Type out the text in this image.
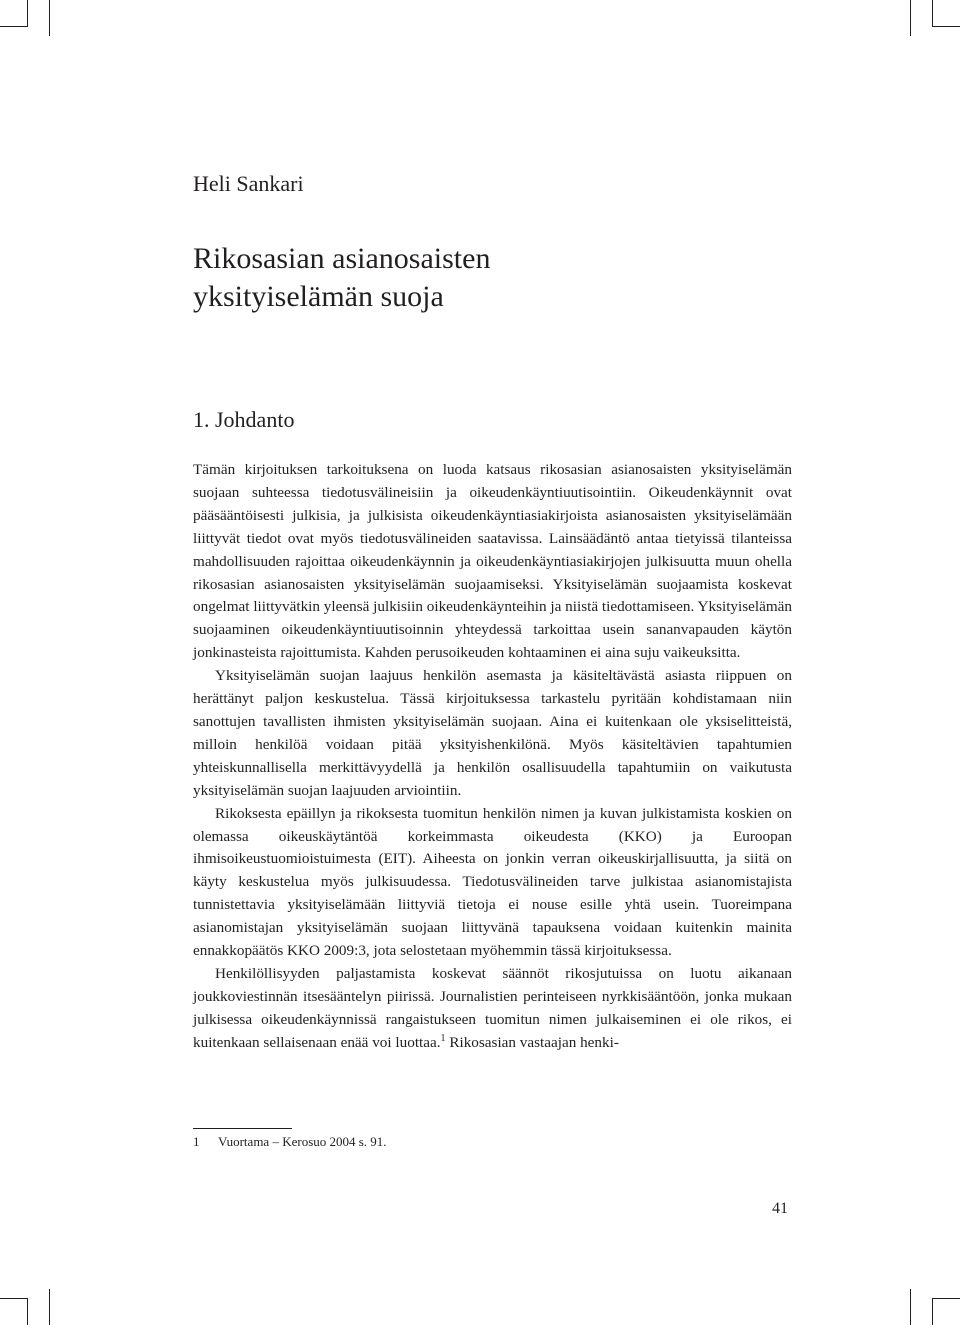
Heli Sankari
Rikosasian asianosaisten
yksityiselämän suoja
1. Johdanto

Tämän kirjoituksen tarkoituksena on luoda katsaus rikosasian asianosaisten yksityiselämän suojaan suhteessa tiedotusvälineisiin ja oikeudenkäyntiuutisointiin. Oikeudenkäynnit ovat pääsääntöisesti julkisia, ja julkisista oikeudenkäyntiasiakirjoista asianosaisten yksityiselämään liittyvät tiedot ovat myös tiedotusvälineiden saatavissa. Lainsäädäntö antaa tietyissä tilanteissa mahdollisuuden rajoittaa oikeudenkäynnin ja oikeudenkäyntiasiakirjojen julkisuutta muun ohella rikosasian asianosaisten yksityiselämän suojaamiseksi. Yksityiselämän suojaamista koskevat ongelmat liittyvätkin yleensä julkisiin oikeudenkäynteihin ja niistä tiedottamiseen. Yksityiselämän suojaaminen oikeudenkäyntiuutisoinnin yhteydessä tarkoittaa usein sananvapauden käytön jonkinasteista rajoittumista. Kahden perusoikeuden kohtaaminen ei aina suju vaikeuksitta.

Yksityiselämän suojan laajuus henkilön asemasta ja käsiteltävästä asiasta riippuen on herättänyt paljon keskustelua. Tässä kirjoituksessa tarkastelu pyritään kohdistamaan niin sanottujen tavallisten ihmisten yksityiselämän suojaan. Aina ei kuitenkaan ole yksiselitteistä, milloin henkilöä voidaan pitää yksityishenkilönä. Myös käsiteltävien tapahtumien yhteiskunnallisella merkittävyydellä ja henkilön osallisuudella tapahtumiin on vaikutusta yksityiselämän suojan laajuuden arviointiin.

Rikoksesta epäillyn ja rikoksesta tuomitun henkilön nimen ja kuvan julkistamista koskien on olemassa oikeuskäytäntöä korkeimmasta oikeudesta (KKO) ja Euroopan ihmisoikeustuomioistuimesta (EIT). Aiheesta on jonkin verran oikeuskirjallisuutta, ja siitä on käyty keskustelua myös julkisuudessa. Tiedotusvälineiden tarve julkistaa asianomistajista tunnistettavia yksityiselämään liittyviä tietoja ei nouse esille yhtä usein. Tuoreimpana asianomistajan yksityiselämän suojaan liittyvänä tapauksena voidaan kuitenkin mainita ennakkopäätös KKO 2009:3, jota selostetaan myöhemmin tässä kirjoituksessa.

Henkilöllisyyden paljastamista koskevat säännöt rikosjutuissa on luotu aikanaan joukkoviestinnän itsesääntelyn piirissä. Journalistien perinteiseen nyrkkisääntöön, jonka mukaan julkisessa oikeudenkäynnissä rangaistukseen tuomitun nimen julkaiseminen ei ole rikos, ei kuitenkaan sellaisenaan enää voi luottaa.$^1$ Rikosasian vastaajan henki-

1 Vuortama – Kerosuo 2004 s. 91.
41
